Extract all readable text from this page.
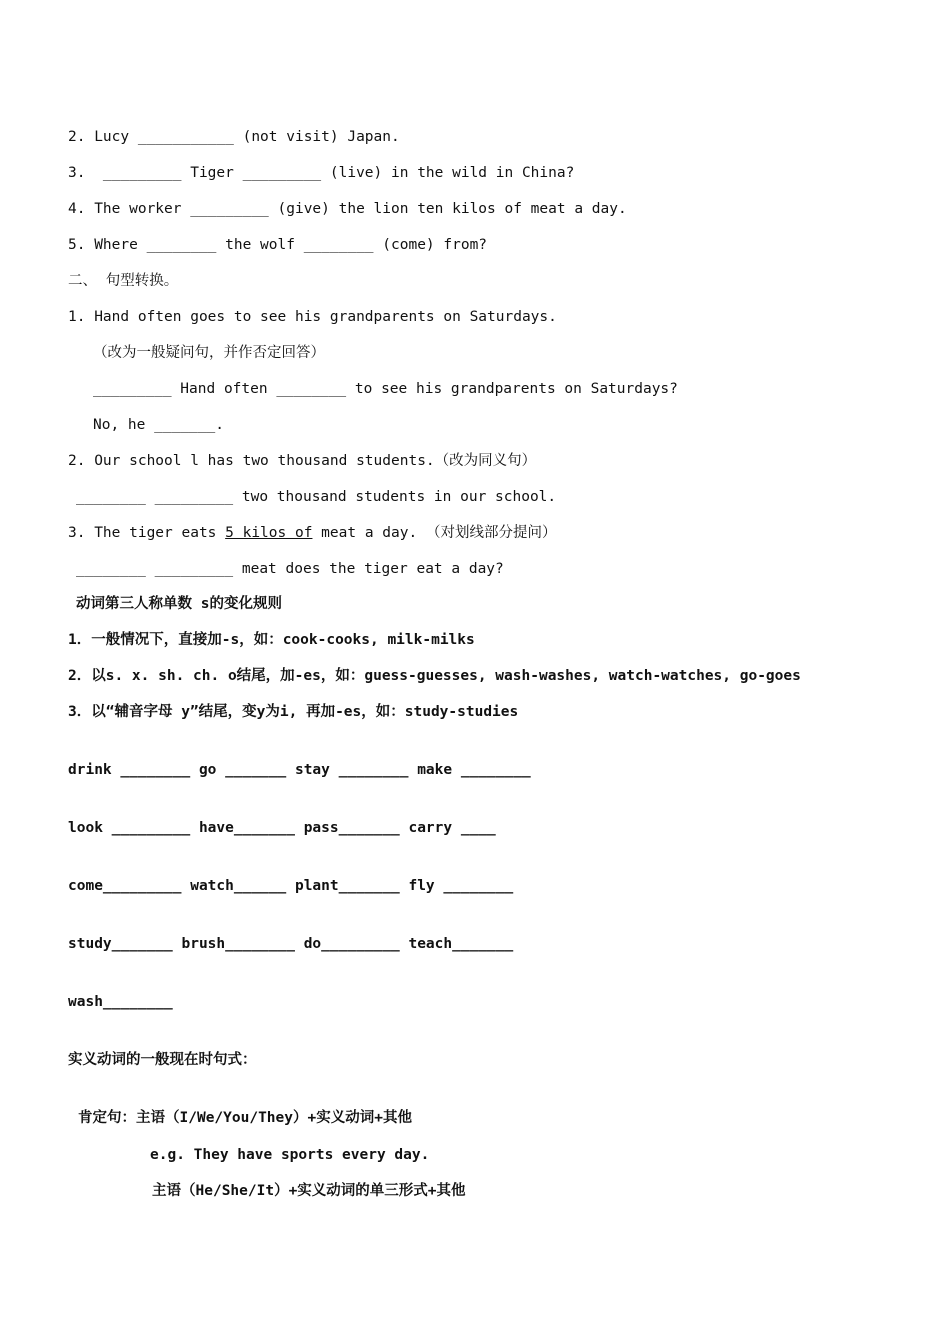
2. Lucy ___________ (not visit) Japan.
3.  _________ Tiger _________ (live) in the wild in China?
4. The worker _________ (give) the lion ten kilos of meat a day.
5. Where ________ the wolf ________ (come) from?
二、 句型转换。
1. Hand often goes to see his grandparents on Saturdays.
（改为一般疑问句，并作否定回答）
_________ Hand often ________ to see his grandparents on Saturdays?
No, he _______.
2. Our school l has two thousand students.（改为同义句）
________ _________ two thousand students in our school.
3. The tiger eats 5 kilos of meat a day. （对划线部分提问）
________ _________ meat does the tiger eat a day?
动词第三人称单数 s的变化规则
1．一般情况下，直接加-s，如：cook-cooks, milk-milks
2．以s. x. sh. ch. o结尾，加-es，如：guess-guesses, wash-washes, watch-watches, go-goes
3．以“辅音字母 y”结尾，变y为i, 再加-es，如：study-studies
drink ________ go _______ stay ________ make ________
look _________ have_______ pass_______ carry ____
come_________ watch______ plant_______ fly ________
study_______ brush________ do_________ teach_______
wash________
实义动词的一般现在时句式：
肯定句：主语（I/We/You/They）+实义动词+其他
e.g. They have sports every day.
主语（He/She/It）+实义动词的单三形式+其他
